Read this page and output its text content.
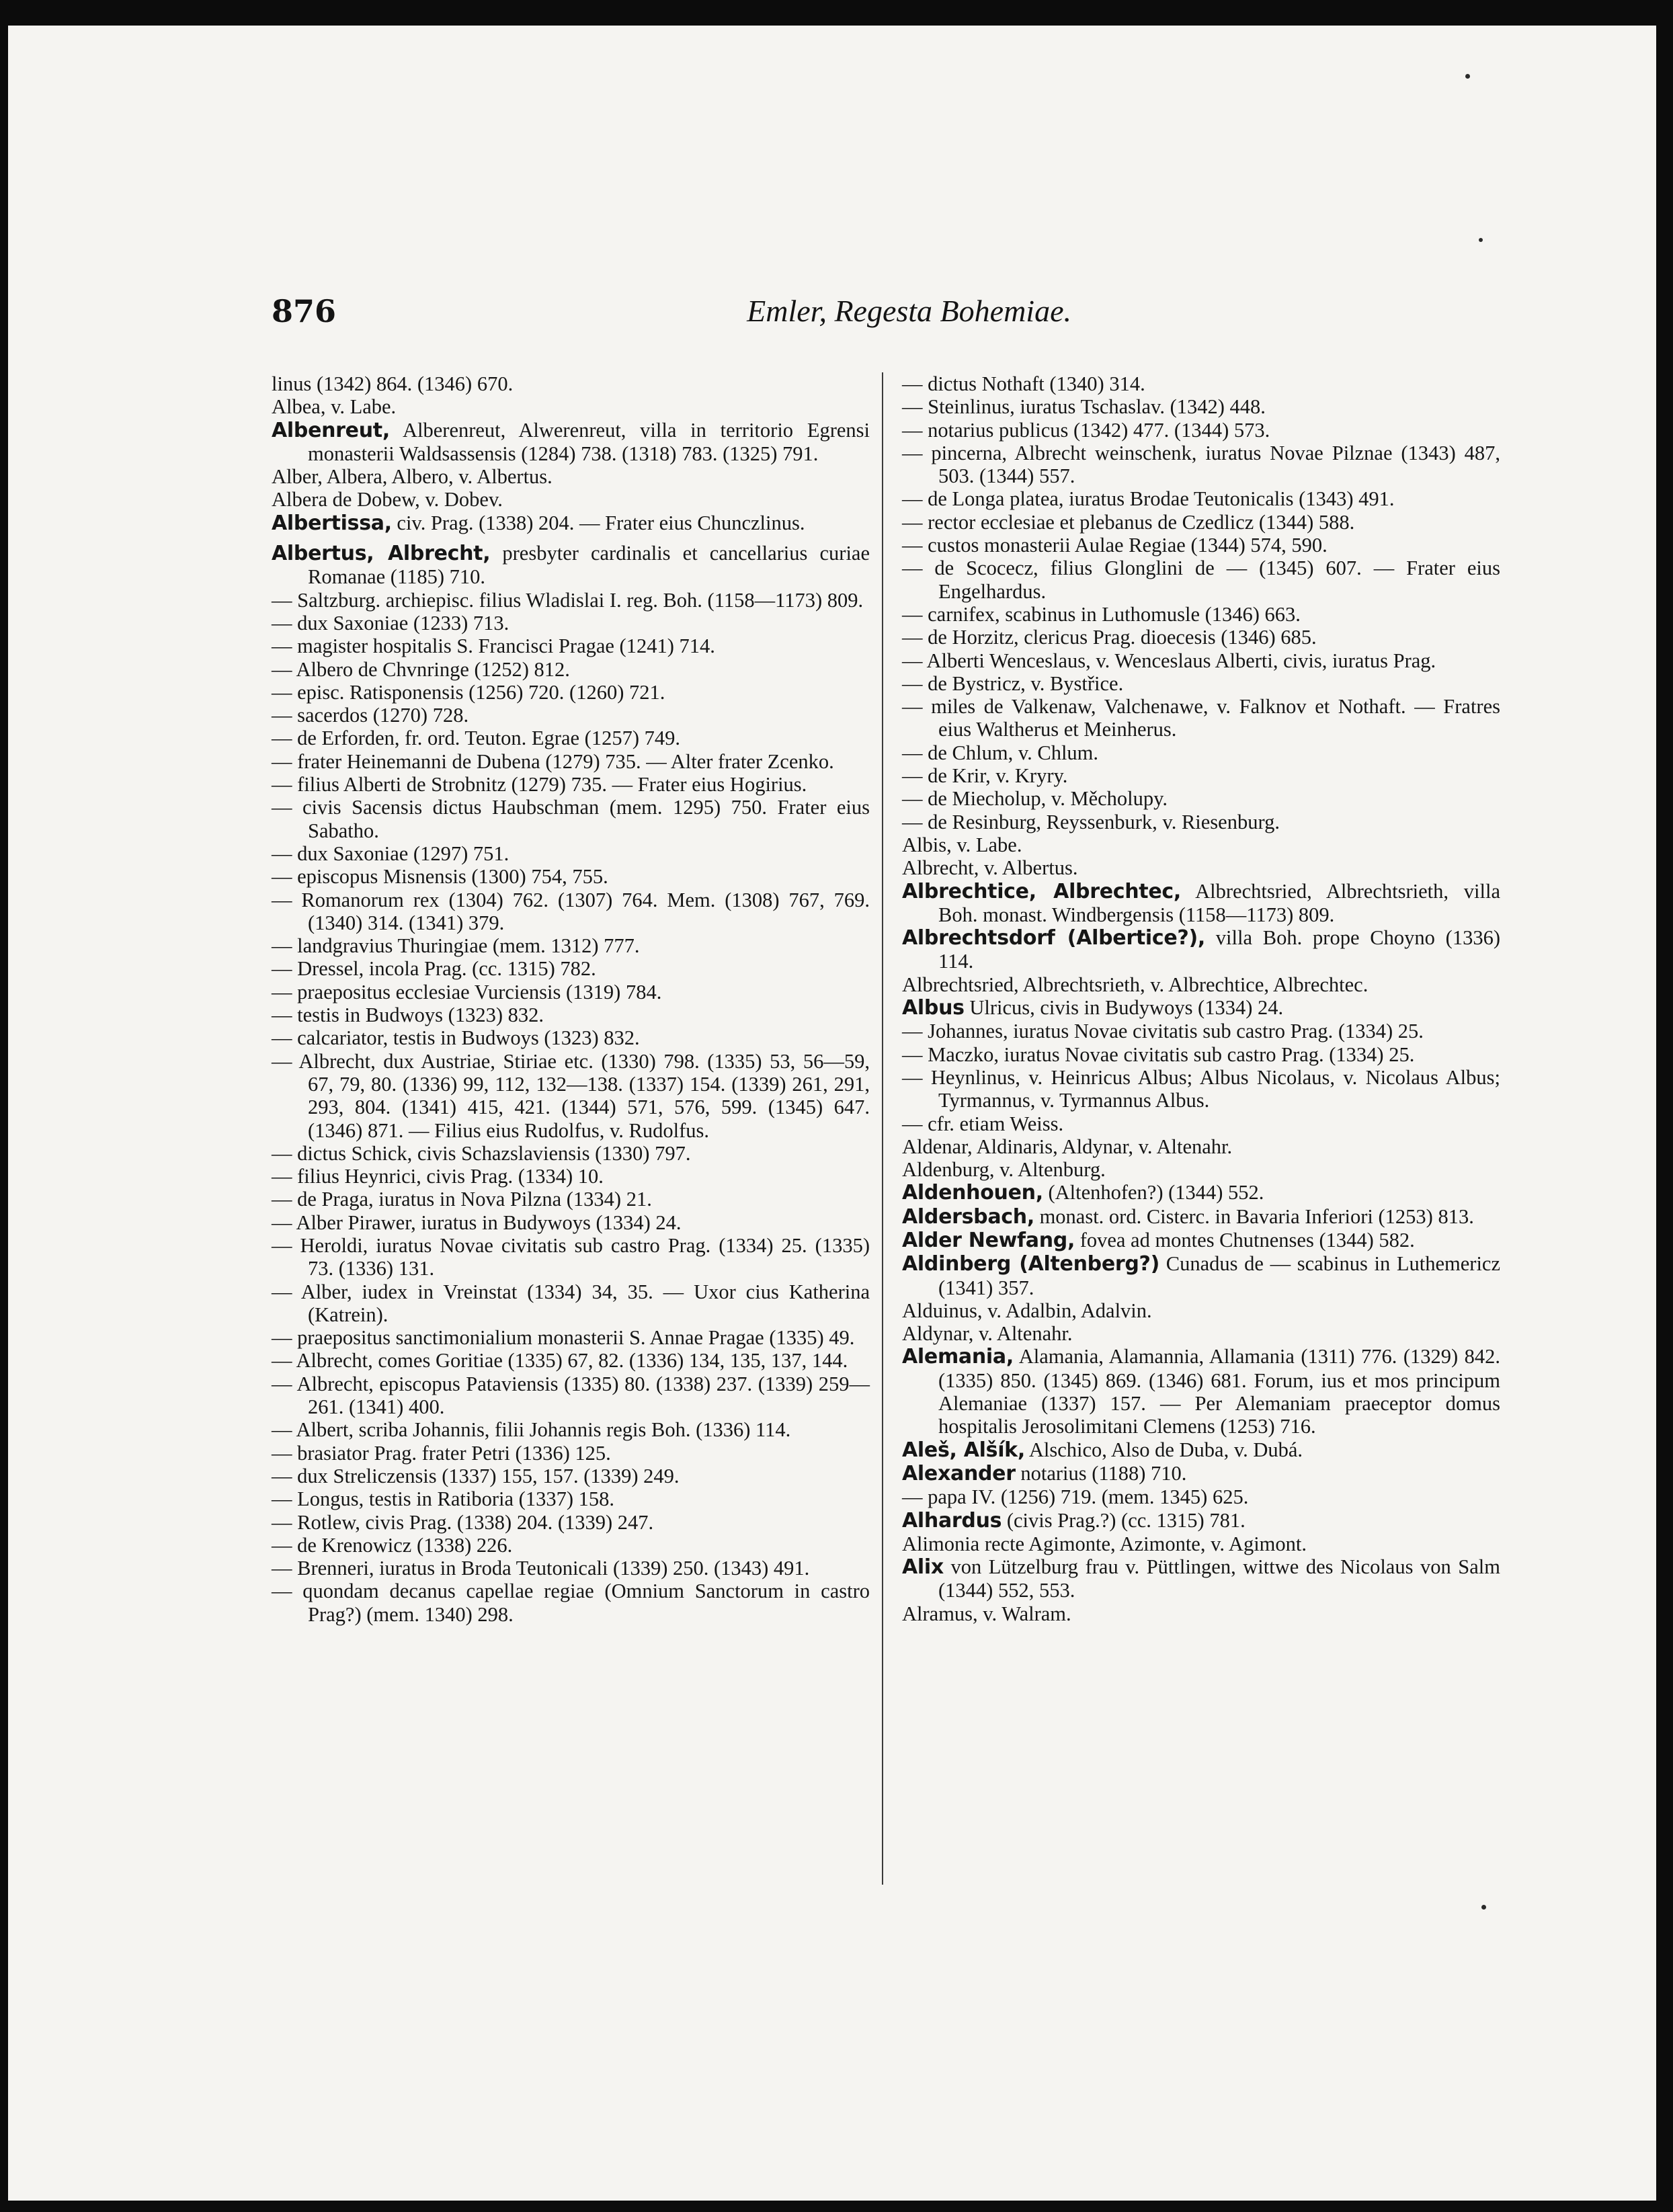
876	Emler, Regesta Bohemiae.

linus (1342) 864. (1346) 670.

Albea, v. Labe.

Albenreut, Alberenreut, Alwerenreut, villa in territorio Egrensi monasterii Waldsassensis (1284) 738. (1318) 783. (1325) 791.

Alber, Albera, Albero, v. Albertus.

Albera de Dobew, v. Dobev.

Albertissa, civ. Prag. (1338) 204. — Frater eius Chunczlinus.

Albertus, Albrecht, presbyter cardinalis et cancellarius curiae Romanae (1185) 710.

— Saltzburg. archiepisc. filius Wladislai I. reg. Boh. (1158—1173) 809.

— dux Saxoniae (1233) 713.

— magister hospitalis S. Francisci Pragae (1241) 714.

— Albero de Chvnringe (1252) 812.

— episc. Ratisponensis (1256) 720. (1260) 721.

— sacerdos (1270) 728.

— de Erforden, fr. ord. Teuton. Egrae (1257) 749.

— frater Heinemanni de Dubena (1279) 735. — Alter frater Zcenko.

— filius Alberti de Strobnitz (1279) 735. — Frater eius Hogirius.

— civis Sacensis dictus Haubschman (mem. 1295) 750. Frater eius Sabatho.

— dux Saxoniae (1297) 751.

— episcopus Misnensis (1300) 754, 755.

— Romanorum rex (1304) 762. (1307) 764. Mem. (1308) 767, 769. (1340) 314. (1341) 379.

— landgravius Thuringiae (mem. 1312) 777.

— Dressel, incola Prag. (cc. 1315) 782.

— praepositus ecclesiae Vurciensis (1319) 784.

— testis in Budwoys (1323) 832.

— calcariator, testis in Budwoys (1323) 832.

— Albrecht, dux Austriae, Stiriae etc. (1330) 798. (1335) 53, 56—59, 67, 79, 80. (1336) 99, 112, 132—138. (1337) 154. (1339) 261, 291, 293, 804. (1341) 415, 421. (1344) 571, 576, 599. (1345) 647. (1346) 871. — Filius eius Rudolfus, v. Rudolfus.

— dictus Schick, civis Schazslaviensis (1330) 797.

— filius Heynrici, civis Prag. (1334) 10.

— de Praga, iuratus in Nova Pilzna (1334) 21.

— Alber Pirawer, iuratus in Budywoys (1334) 24.

— Heroldi, iuratus Novae civitatis sub castro Prag. (1334) 25. (1335) 73. (1336) 131.

— Alber, iudex in Vreinstat (1334) 34, 35. — Uxor cius Katherina (Katrein).

— praepositus sanctimonialium monasterii S. Annae Pragae (1335) 49.

— Albrecht, comes Goritiae (1335) 67, 82. (1336) 134, 135, 137, 144.

— Albrecht, episcopus Pataviensis (1335) 80. (1338) 237. (1339) 259—261. (1341) 400.

— Albert, scriba Johannis, filii Johannis regis Boh. (1336) 114.

— brasiator Prag. frater Petri (1336) 125.

— dux Streliczensis (1337) 155, 157. (1339) 249.

— Longus, testis in Ratiboria (1337) 158.

— Rotlew, civis Prag. (1338) 204. (1339) 247.

— de Krenowicz (1338) 226.

— Brenneri, iuratus in Broda Teutonicali (1339) 250. (1343) 491.

— quondam decanus capellae regiae (Omnium Sanctorum in castro Prag?) (mem. 1340) 298.

— dictus Nothaft (1340) 314.

— Steinlinus, iuratus Tschaslav. (1342) 448.

— notarius publicus (1342) 477. (1344) 573.

— pincerna, Albrecht weinschenk, iuratus Novae Pilznae (1343) 487, 503. (1344) 557.

— de Longa platea, iuratus Brodae Teutonicalis (1343) 491.

— rector ecclesiae et plebanus de Czedlicz (1344) 588.

— custos monasterii Aulae Regiae (1344) 574, 590.

— de Scocecz, filius Glonglini de — (1345) 607. — Frater eius Engelhardus.

— carnifex, scabinus in Luthomusle (1346) 663.

— de Horzitz, clericus Prag. dioecesis (1346) 685.

— Alberti Wenceslaus, v. Wenceslaus Alberti, civis, iuratus Prag.

— de Bystricz, v. Bystřice.

— miles de Valkenaw, Valchenawe, v. Falknov et Nothaft. — Fratres eius Waltherus et Meinherus.

— de Chlum, v. Chlum.

— de Krir, v. Kryry.

— de Miecholup, v. Měcholupy.

— de Resinburg, Reyssenburk, v. Riesenburg.

Albis, v. Labe.

Albrecht, v. Albertus.

Albrechtice, Albrechtec, Albrechtsried, Albrechtsrieth, villa Boh. monast. Windbergensis (1158—1173) 809.

Albrechtsdorf (Albertice?), villa Boh. prope Choyno (1336) 114.

Albrechtsried, Albrechtsrieth, v. Albrechtice, Albrechtec.

Albus Ulricus, civis in Budywoys (1334) 24.

— Johannes, iuratus Novae civitatis sub castro Prag. (1334) 25.

— Maczko, iuratus Novae civitatis sub castro Prag. (1334) 25.

— Heynlinus, v. Heinricus Albus; Albus Nicolaus, v. Nicolaus Albus; Tyrmannus, v. Tyrmannus Albus.

— cfr. etiam Weiss.

Aldenar, Aldinaris, Aldynar, v. Altenahr.

Aldenburg, v. Altenburg.

Aldenhouen, (Altenhofen?) (1344) 552.

Aldersbach, monast. ord. Cisterc. in Bavaria Inferiori (1253) 813.

Alder Newfang, fovea ad montes Chutnenses (1344) 582.

Aldinberg (Altenberg?) Cunadus de — scabinus in Luthemericz (1341) 357.

Alduinus, v. Adalbin, Adalvin.

Aldynar, v. Altenahr.

Alemania, Alamania, Alamannia, Allamania (1311) 776. (1329) 842. (1335) 850. (1345) 869. (1346) 681. Forum, ius et mos principum Alemaniae (1337) 157. — Per Alemaniam praeceptor domus hospitalis Jerosolimitani Clemens (1253) 716.

Aleš, Alšík, Alschico, Also de Duba, v. Dubá.

Alexander notarius (1188) 710.

— papa IV. (1256) 719. (mem. 1345) 625.

Alhardus (civis Prag.?) (cc. 1315) 781.

Alimonia recte Agimonte, Azimonte, v. Agimont.

Alix von Lützelburg frau v. Püttlingen, wittwe des Nicolaus von Salm (1344) 552, 553.

Alramus, v. Walram.
